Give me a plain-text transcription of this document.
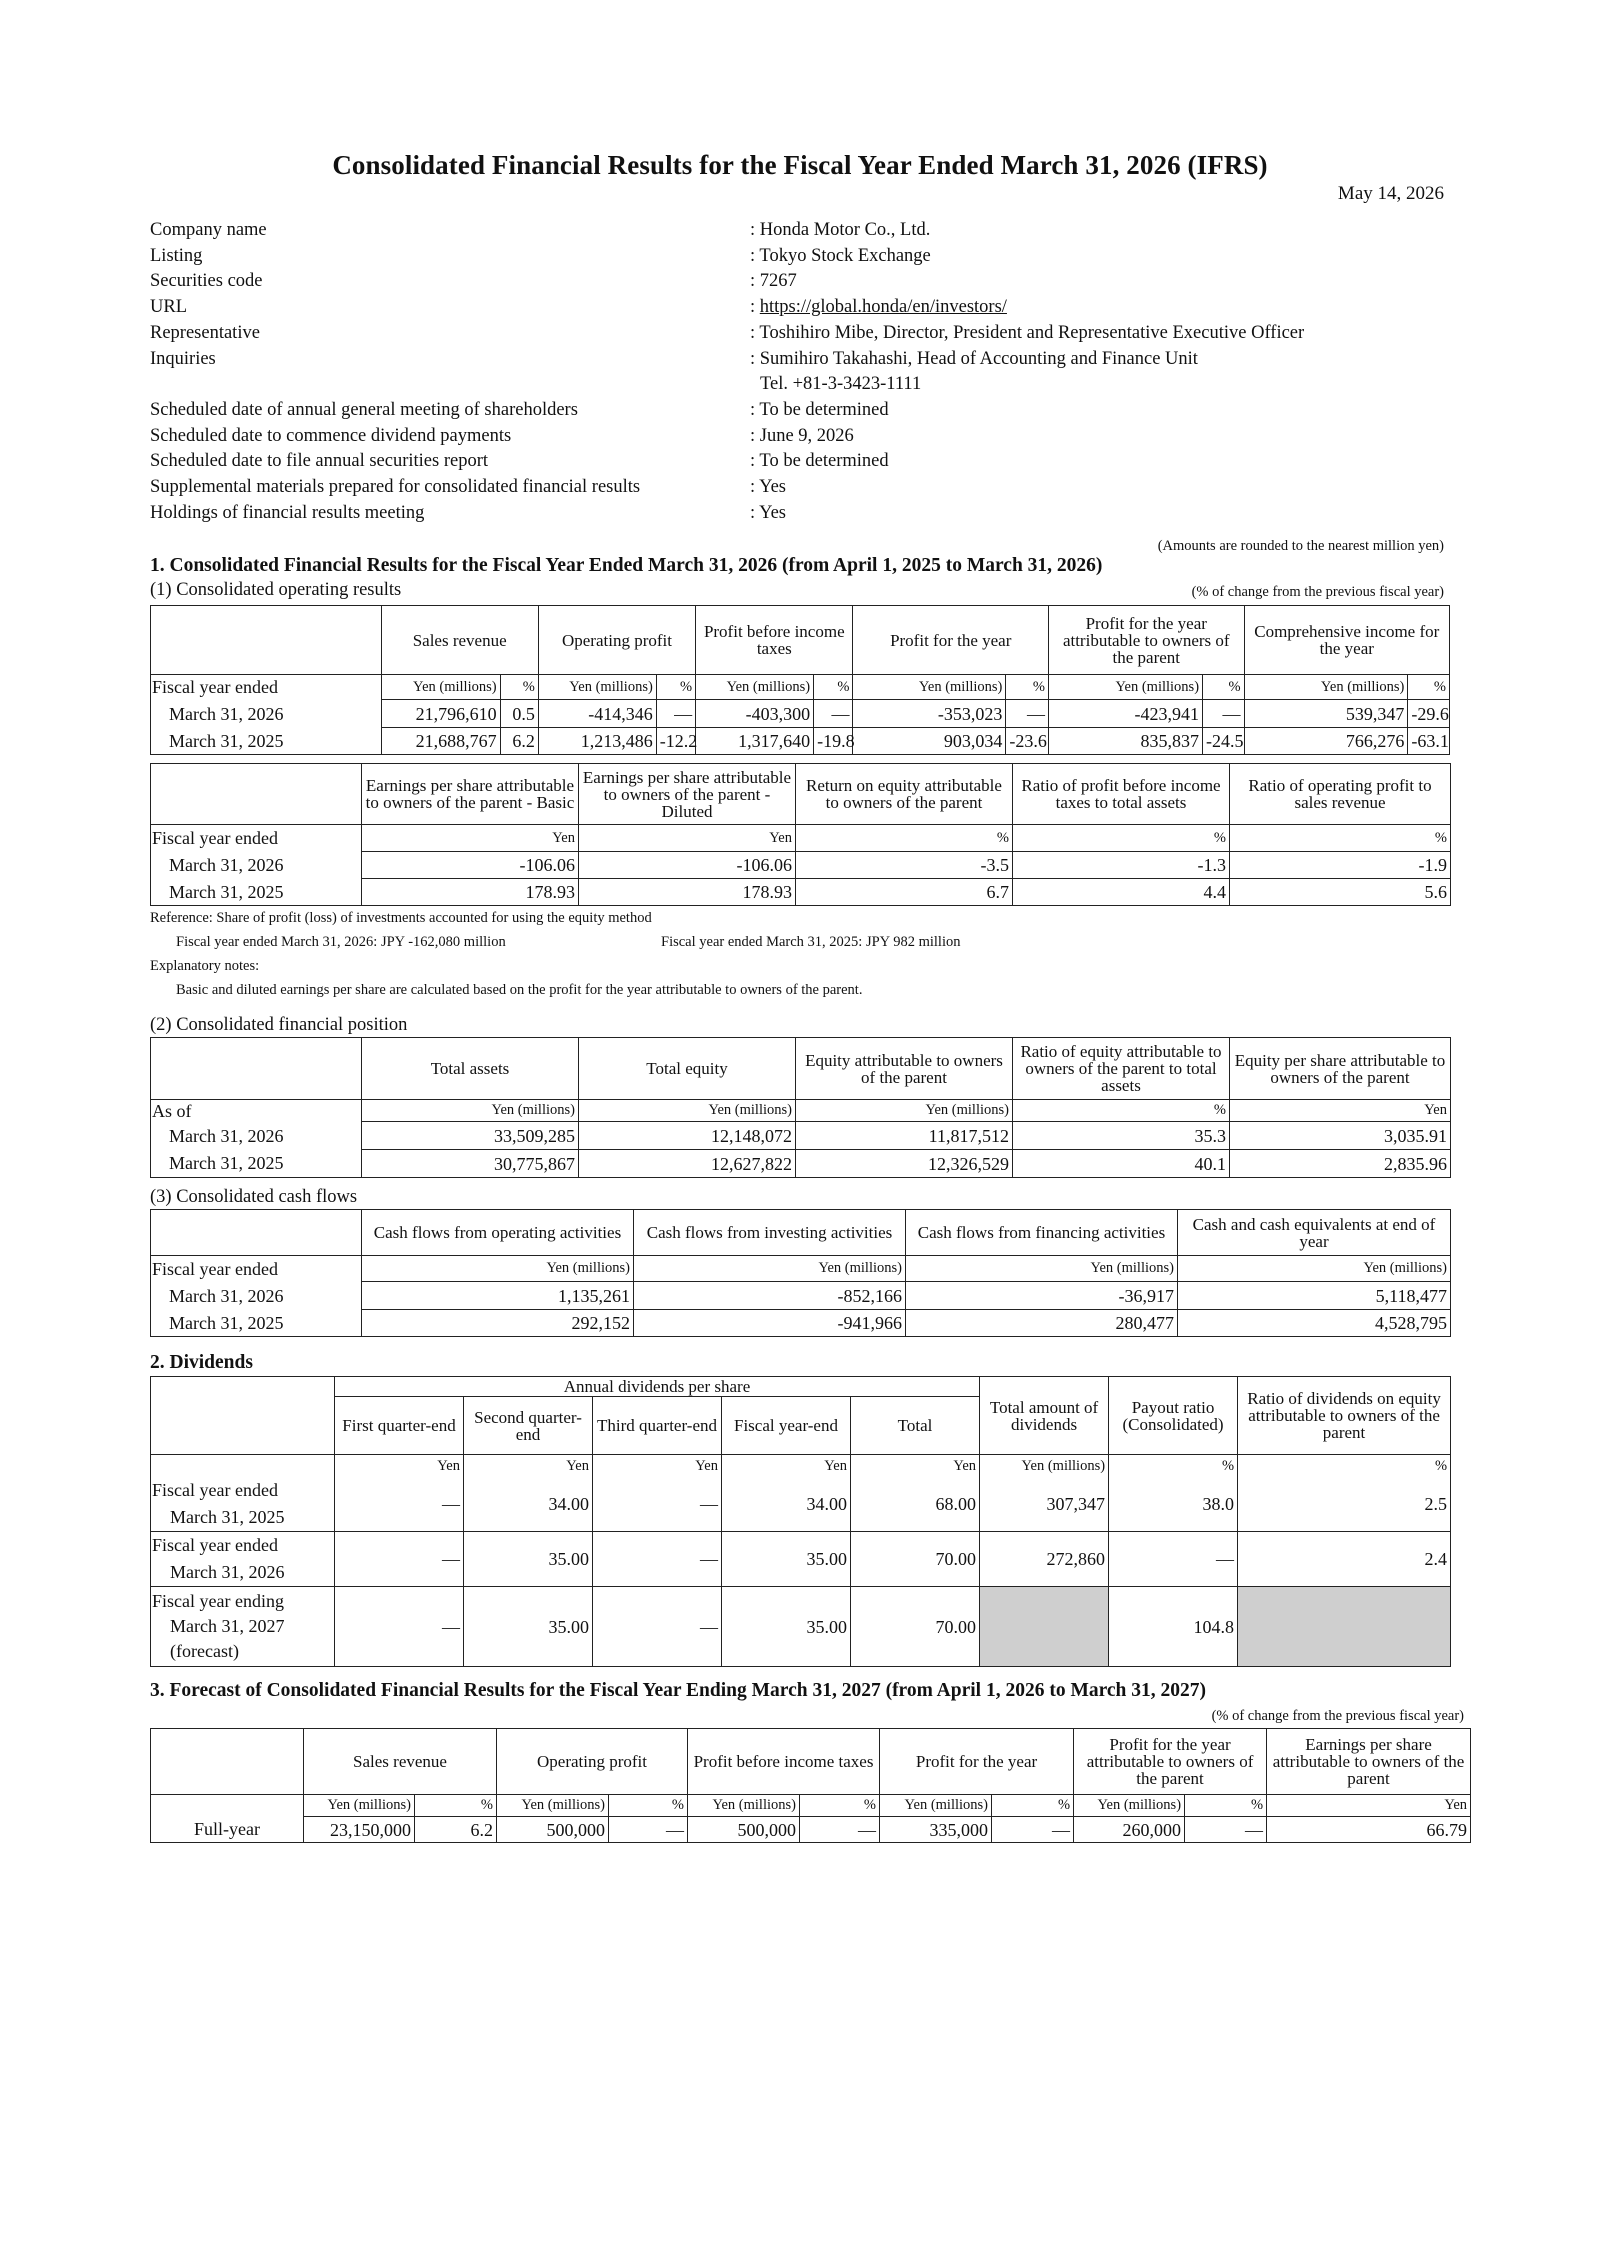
Consolidated Financial Results for the Fiscal Year Ended March 31, 2026 (IFRS)
May 14, 2026
Company name	: Honda Motor Co., Ltd.
Listing	: Tokyo Stock Exchange
Securities code	: 7267
URL	: https://global.honda/en/investors/
Representative	: Toshihiro Mibe, Director, President and Representative Executive Officer
Inquiries	: Sumihiro Takahashi, Head of Accounting and Finance Unit
Tel. +81-3-3423-1111
Scheduled date of annual general meeting of shareholders	: To be determined
Scheduled date to commence dividend payments	: June 9, 2026
Scheduled date to file annual securities report	: To be determined
Supplemental materials prepared for consolidated financial results	: Yes
Holdings of financial results meeting	: Yes
(Amounts are rounded to the nearest million yen)
1. Consolidated Financial Results for the Fiscal Year Ended March 31, 2026 (from April 1, 2025 to March 31, 2026)
(1) Consolidated operating results	(% of change from the previous fiscal year)
	Sales revenue		Operating profit		Profit before income taxes		Profit for the year		Profit for the year attributable to owners of the parent		Comprehensive income for the year	
Fiscal year ended	Yen (millions)	%	Yen (millions)	%	Yen (millions)	%	Yen (millions)	%	Yen (millions)	%	Yen (millions)	%
March 31, 2026	21,796,610	0.5	-414,346	—	-403,300	—	-353,023	—	-423,941	—	539,347	-29.6
March 31, 2025	21,688,767	6.2	1,213,486	-12.2	1,317,640	-19.8	903,034	-23.6	835,837	-24.5	766,276	-63.1
	Earnings per share attributable to owners of the parent - Basic	Earnings per share attributable to owners of the parent - Diluted	Return on equity attributable to owners of the parent	Ratio of profit before income taxes to total assets	Ratio of operating profit to sales revenue
Fiscal year ended	Yen	Yen	%	%	%
March 31, 2026	-106.06	-106.06	-3.5	-1.3	-1.9
March 31, 2025	178.93	178.93	6.7	4.4	5.6
Reference: Share of profit (loss) of investments accounted for using the equity method
Fiscal year ended March 31, 2026: JPY -162,080 million	Fiscal year ended March 31, 2025: JPY 982 million
Explanatory notes:
Basic and diluted earnings per share are calculated based on the profit for the year attributable to owners of the parent.
(2) Consolidated financial position
	Total assets	Total equity	Equity attributable to owners of the parent	Ratio of equity attributable to owners of the parent to total assets	Equity per share attributable to owners of the parent
As of	Yen (millions)	Yen (millions)	Yen (millions)	%	Yen
March 31, 2026	33,509,285	12,148,072	11,817,512	35.3	3,035.91
March 31, 2025	30,775,867	12,627,822	12,326,529	40.1	2,835.96
(3) Consolidated cash flows
	Cash flows from operating activities	Cash flows from investing activities	Cash flows from financing activities	Cash and cash equivalents at end of year
Fiscal year ended	Yen (millions)	Yen (millions)	Yen (millions)	Yen (millions)
March 31, 2026	1,135,261	-852,166	-36,917	5,118,477
March 31, 2025	292,152	-941,966	280,477	4,528,795
2. Dividends
	Annual dividends per share					Total amount of dividends	Payout ratio (Consolidated)	Ratio of dividends on equity attributable to owners of the parent
	First quarter-end	Second quarter-end	Third quarter-end	Fiscal year-end	Total			
	Yen	Yen	Yen	Yen	Yen	Yen (millions)	%	%

Fiscal year ended
March 31, 2025	—	34.00	—	34.00	68.00	307,347	38.0	2.5

Fiscal year ended
March 31, 2026	—	35.00	—	35.00	70.00	272,860	—	2.4

Fiscal year ending
March 31, 2027
(forecast)	—	35.00	—	35.00	70.00		104.8	
3. Forecast of Consolidated Financial Results for the Fiscal Year Ending March 31, 2027 (from April 1, 2026 to March 31, 2027)
(% of change from the previous fiscal year)
	Sales revenue		Operating profit		Profit before income taxes		Profit for the year		Profit for the year attributable to owners of the parent		Earnings per share attributable to owners of the parent
	Yen (millions)	%	Yen (millions)	%	Yen (millions)	%	Yen (millions)	%	Yen (millions)	%	Yen
Full-year	23,150,000	6.2	500,000	—	500,000	—	335,000	—	260,000	—	66.79
